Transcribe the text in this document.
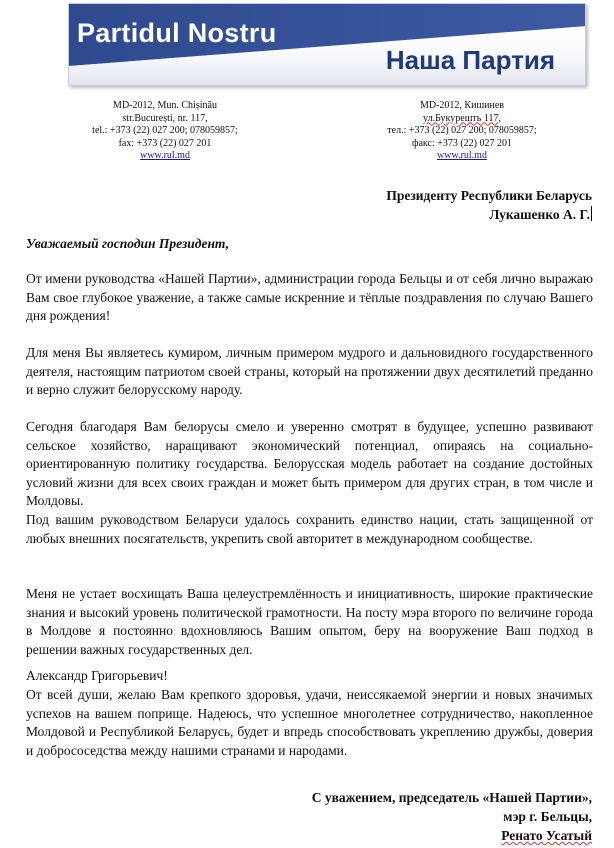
Partidul Nostru
Наша Партия
MD-2012, Mun. Chișinău
str.București, nr. 117,
tel.: +373 (22) 027 200; 078059857;
fax: +373 (22) 027 201
www.rul.md
MD-2012, Кишинев
ул.Букурешть 117,
тел.: +373 (22) 027 200; 078059857;
факс: +373 (22) 027 201
www.rul.md
Президенту Республики Беларусь
Лукашенко А. Г.
Уважаемый господин Президент,
От имени руководства «Нашей Партии», администрации города Бельцы и от себя лично выражаю Вам свое глубокое уважение, а также самые искренние и тёплые поздравления по случаю Вашего дня рождения!
Для меня Вы являетесь кумиром, личным примером мудрого и дальновидного государственного деятеля, настоящим патриотом своей страны, который на протяжении двух десятилетий преданно и верно служит белорусскому народу.
Сегодня благодаря Вам белорусы смело и уверенно смотрят в будущее, успешно развивают сельское хозяйство, наращивают экономический потенциал, опираясь на социально-ориентированную политику государства. Белорусская модель работает на создание достойных условий жизни для всех своих граждан и может быть примером для других стран, в том числе и Молдовы.
Под вашим руководством Беларуси удалось сохранить единство нации, стать защищенной от любых внешних посягательств, укрепить свой авторитет в международном сообществе.
Меня не устает восхищать Ваша целеустремлённость и инициативность, широкие практические знания и высокий уровень политической грамотности. На посту мэра второго по величине города в Молдове я постоянно вдохновляюсь Вашим опытом, беру на вооружение Ваш подход в решении важных государственных дел.
Александр Григорьевич!
От всей души, желаю Вам крепкого здоровья, удачи, неиссякаемой энергии и новых значимых успехов на вашем поприще. Надеюсь, что успешное многолетнее сотрудничество, накопленное Молдовой и Республикой Беларусь, будет и впредь способствовать укреплению дружбы, доверия и добрососедства между нашими странами и народами.
С уважением, председатель «Нашей Партии»,
мэр г. Бельцы,
Ренато Усатый
